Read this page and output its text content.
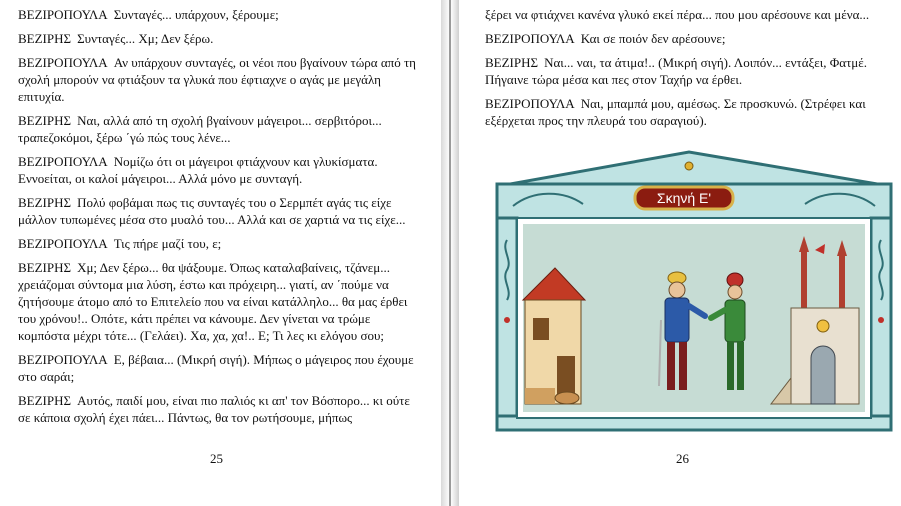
ΒΕΖΙΡΟΠΟΥΛΑ Συνταγές... υπάρχουν, ξέρουμε;

ΒΕΖΙΡΗΣ Συνταγές... Χμ; Δεν ξέρω.

ΒΕΖΙΡΟΠΟΥΛΑ Αν υπάρχουν συνταγές, οι νέοι που βγαίνουν τώρα από τη σχολή μπορούν να φτιάξουν τα γλυκά που έφτιαχνε ο αγάς με μεγάλη επιτυχία.

ΒΕΖΙΡΗΣ Ναι, αλλά από τη σχολή βγαίνουν μάγειροι... σερβιτόροι... τραπεζοκόμοι, ξέρω ΄γώ πώς τους λένε...

ΒΕΖΙΡΟΠΟΥΛΑ Νομίζω ότι οι μάγειροι φτιάχνουν και γλυκίσματα. Εννοείται, οι καλοί μάγειροι... Αλλά μόνο με συνταγή.

ΒΕΖΙΡΗΣ Πολύ φοβάμαι πως τις συνταγές του ο Σερμπέτ αγάς τις είχε μάλλον τυπωμένες μέσα στο μυαλό του... Αλλά και σε χαρτιά να τις είχε...

ΒΕΖΙΡΟΠΟΥΛΑ Τις πήρε μαζί του, ε;

ΒΕΖΙΡΗΣ Χμ; Δεν ξέρω... θα ψάξουμε. Όπως καταλαβαίνεις, τζάνεμ... χρειάζομαι σύντομα μια λύση, έστω και πρόχειρη... γιατί, αν ΄πούμε να ζητήσουμε άτομο από το Επιτελείο που να είναι κατάλληλο... θα μας έρθει του χρόνου!.. Οπότε, κάτι πρέπει να κάνουμε. Δεν γίνεται να τρώμε κομπόστα μέχρι τότε... (Γελάει). Χα, χα, χα!.. Ε; Τι λες κι ελόγου σου;

ΒΕΖΙΡΟΠΟΥΛΑ Ε, βέβαια... (Μικρή σιγή). Μήπως ο μάγειρος που έχουμε στο σαράι;

ΒΕΖΙΡΗΣ Αυτός, παιδί μου, είναι πιο παλιός κι απ' τον Βόσπορο... κι ούτε σε κάποια σχολή έχει πάει... Πάντως, θα τον ρωτήσουμε, μήπως

25

ξέρει να φτιάχνει κανένα γλυκό εκεί πέρα... που μου αρέσουνε και μένα...

ΒΕΖΙΡΟΠΟΥΛΑ Και σε ποιόν δεν αρέσουνε;

ΒΕΖΙΡΗΣ Ναι... ναι, τα άτιμα!.. (Μικρή σιγή). Λοιπόν... εντάξει, Φατμέ. Πήγαινε τώρα μέσα και πες στον Ταχήρ να έρθει.

ΒΕΖΙΡΟΠΟΥΛΑ Ναι, μπαμπά μου, αμέσως. Σε προσκυνώ. (Στρέφει και εξέρχεται προς την πλευρά του σαραγιού).

Σκηνή Ε'
26
